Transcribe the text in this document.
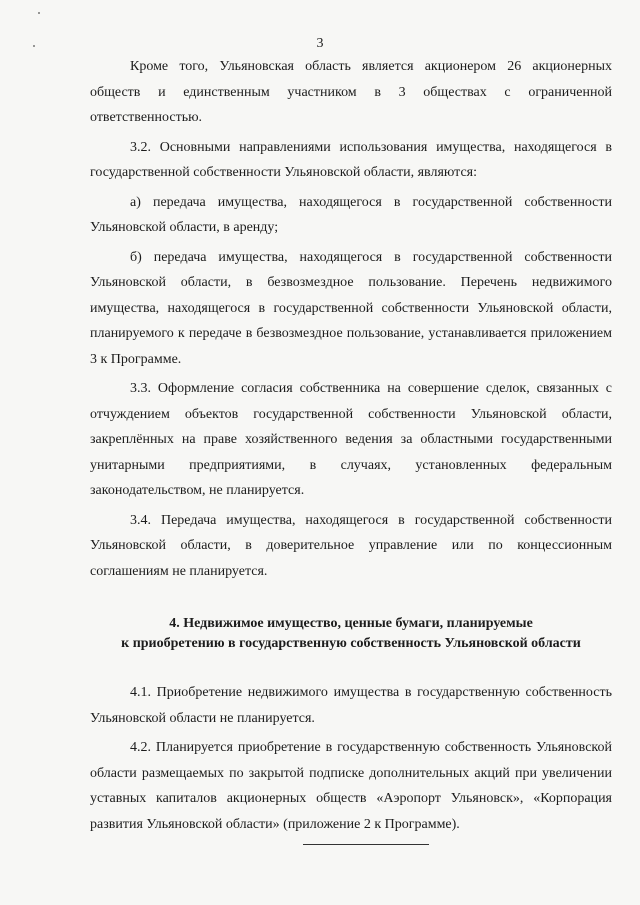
3

Кроме того, Ульяновская область является акционером 26 акционерных обществ и единственным участником в 3 обществах с ограниченной ответственностью.

3.2. Основными направлениями использования имущества, находящегося в государственной собственности Ульяновской области, являются:

а) передача имущества, находящегося в государственной собственности Ульяновской области, в аренду;

б) передача имущества, находящегося в государственной собственности Ульяновской области, в безвозмездное пользование. Перечень недвижимого имущества, находящегося в государственной собственности Ульяновской области, планируемого к передаче в безвозмездное пользование, устанавливается приложением 3 к Программе.

3.3. Оформление согласия собственника на совершение сделок, связанных с отчуждением объектов государственной собственности Ульяновской области, закреплённых на праве хозяйственного ведения за областными государственными унитарными предприятиями, в случаях, установленных федеральным законодательством, не планируется.

3.4. Передача имущества, находящегося в государственной собственности Ульяновской области, в доверительное управление или по концессионным соглашениям не планируется.

4. Недвижимое имущество, ценные бумаги, планируемые
к приобретению в государственную собственность Ульяновской области

4.1. Приобретение недвижимого имущества в государственную собственность Ульяновской области не планируется.

4.2. Планируется приобретение в государственную собственность Ульяновской области размещаемых по закрытой подписке дополнительных акций при увеличении уставных капиталов акционерных обществ «Аэропорт Ульяновск», «Корпорация развития Ульяновской области» (приложение 2 к Программе).
